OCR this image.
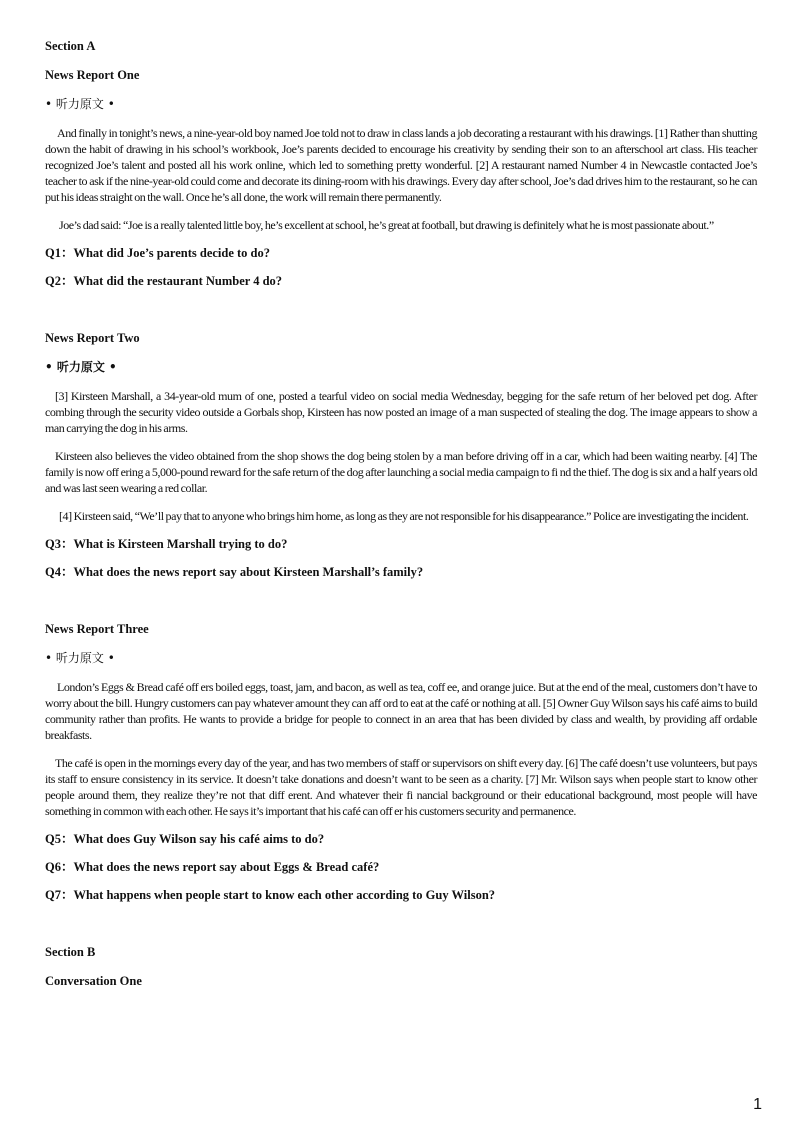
Section A

News Report One

• 听力原文 •

And finally in tonight’s news, a nine-year-old boy named Joe told not to draw in class lands a job decorating a restaurant with his drawings. [1] Rather than shutting down the habit of drawing in his school’s workbook, Joe’s parents decided to encourage his creativity by sending their son to an afterschool art class. His teacher recognized Joe’s talent and posted all his work online, which led to something pretty wonderful. [2] A restaurant named Number 4 in Newcastle contacted Joe’s teacher to ask if the nine-year-old could come and decorate its dining-room with his drawings. Every day after school, Joe’s dad drives him to the restaurant, so he can put his ideas straight on the wall. Once he’s all done, the work will remain there permanently.

Joe’s dad said: “Joe is a really talented little boy, he’s excellent at school, he’s great at football, but drawing is definitely what he is most passionate about.”

Q1：What did Joe’s parents decide to do?

Q2：What did the restaurant Number 4 do?

News Report Two

• 听力原文 •

[3] Kirsteen Marshall, a 34-year-old mum of one, posted a tearful video on social media Wednesday, begging for the safe return of her beloved pet dog. After combing through the security video outside a Gorbals shop, Kirsteen has now posted an image of a man suspected of stealing the dog. The image appears to show a man carrying the dog in his arms.

Kirsteen also believes the video obtained from the shop shows the dog being stolen by a man before driving off in a car, which had been waiting nearby. [4] The family is now off ering a 5,000-pound reward for the safe return of the dog after launching a social media campaign to fi nd the thief. The dog is six and a half years old and was last seen wearing a red collar.

[4] Kirsteen said, “We’ll pay that to anyone who brings him home, as long as they are not responsible for his disappearance.” Police are investigating the incident.

Q3：What is Kirsteen Marshall trying to do?

Q4：What does the news report say about Kirsteen Marshall’s family?

News Report Three

• 听力原文 •

London’s Eggs & Bread café off ers boiled eggs, toast, jam, and bacon, as well as tea, coff ee, and orange juice. But at the end of the meal, customers don’t have to worry about the bill. Hungry customers can pay whatever amount they can aff ord to eat at the café or nothing at all. [5] Owner Guy Wilson says his café aims to build community rather than profits. He wants to provide a bridge for people to connect in an area that has been divided by class and wealth, by providing aff ordable breakfasts.

The café is open in the mornings every day of the year, and has two members of staff or supervisors on shift every day. [6] The café doesn’t use volunteers, but pays its staff to ensure consistency in its service. It doesn’t take donations and doesn’t want to be seen as a charity. [7] Mr. Wilson says when people start to know other people around them, they realize they’re not that diff erent. And whatever their fi nancial background or their educational background, most people will have something in common with each other. He says it’s important that his café can off er his customers security and permanence.

Q5：What does Guy Wilson say his café aims to do?

Q6：What does the news report say about Eggs & Bread café?

Q7：What happens when people start to know each other according to Guy Wilson?

Section B

Conversation One

1
